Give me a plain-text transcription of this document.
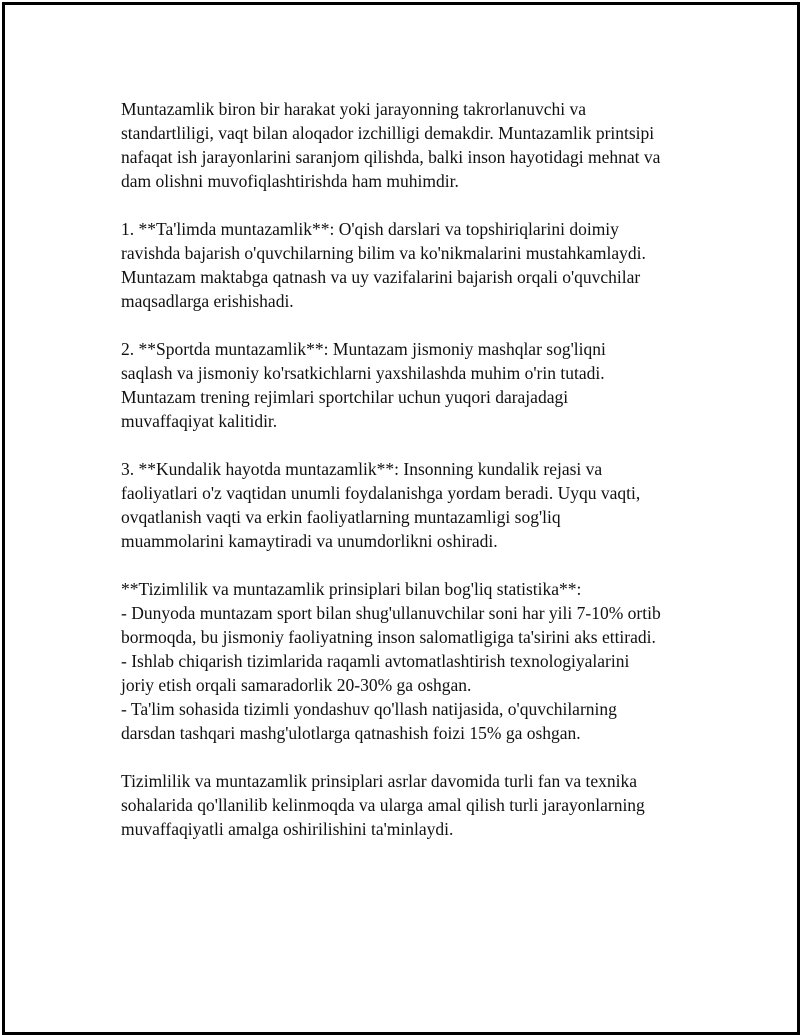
Muntazamlik biron bir harakat yoki jarayonning takrorlanuvchi va
standartliligi, vaqt bilan aloqador izchilligi demakdir. Muntazamlik printsipi
nafaqat ish jarayonlarini saranjom qilishda, balki inson hayotidagi mehnat va
dam olishni muvofiqlashtirishda ham muhimdir.

1. **Ta'limda muntazamlik**: O'qish darslari va topshiriqlarini doimiy
ravishda bajarish o'quvchilarning bilim va ko'nikmalarini mustahkamlaydi.
Muntazam maktabga qatnash va uy vazifalarini bajarish orqali o'quvchilar
maqsadlarga erishishadi.

2. **Sportda muntazamlik**: Muntazam jismoniy mashqlar sog'liqni
saqlash va jismoniy ko'rsatkichlarni yaxshilashda muhim o'rin tutadi.
Muntazam trening rejimlari sportchilar uchun yuqori darajadagi
muvaffaqiyat kalitidir.

3. **Kundalik hayotda muntazamlik**: Insonning kundalik rejasi va
faoliyatlari o'z vaqtidan unumli foydalanishga yordam beradi. Uyqu vaqti,
ovqatlanish vaqti va erkin faoliyatlarning muntazamligi sog'liq
muammolarini kamaytiradi va unumdorlikni oshiradi.

**Tizimlilik va muntazamlik prinsiplari bilan bog'liq statistika**:
- Dunyoda muntazam sport bilan shug'ullanuvchilar soni har yili 7-10% ortib
bormoqda, bu jismoniy faoliyatning inson salomatligiga ta'sirini aks ettiradi.
- Ishlab chiqarish tizimlarida raqamli avtomatlashtirish texnologiyalarini
joriy etish orqali samaradorlik 20-30% ga oshgan.
- Ta'lim sohasida tizimli yondashuv qo'llash natijasida, o'quvchilarning
darsdan tashqari mashg'ulotlarga qatnashish foizi 15% ga oshgan.

Tizimlilik va muntazamlik prinsiplari asrlar davomida turli fan va texnika
sohalarida qo'llanilib kelinmoqda va ularga amal qilish turli jarayonlarning
muvaffaqiyatli amalga oshirilishini ta'minlaydi.
